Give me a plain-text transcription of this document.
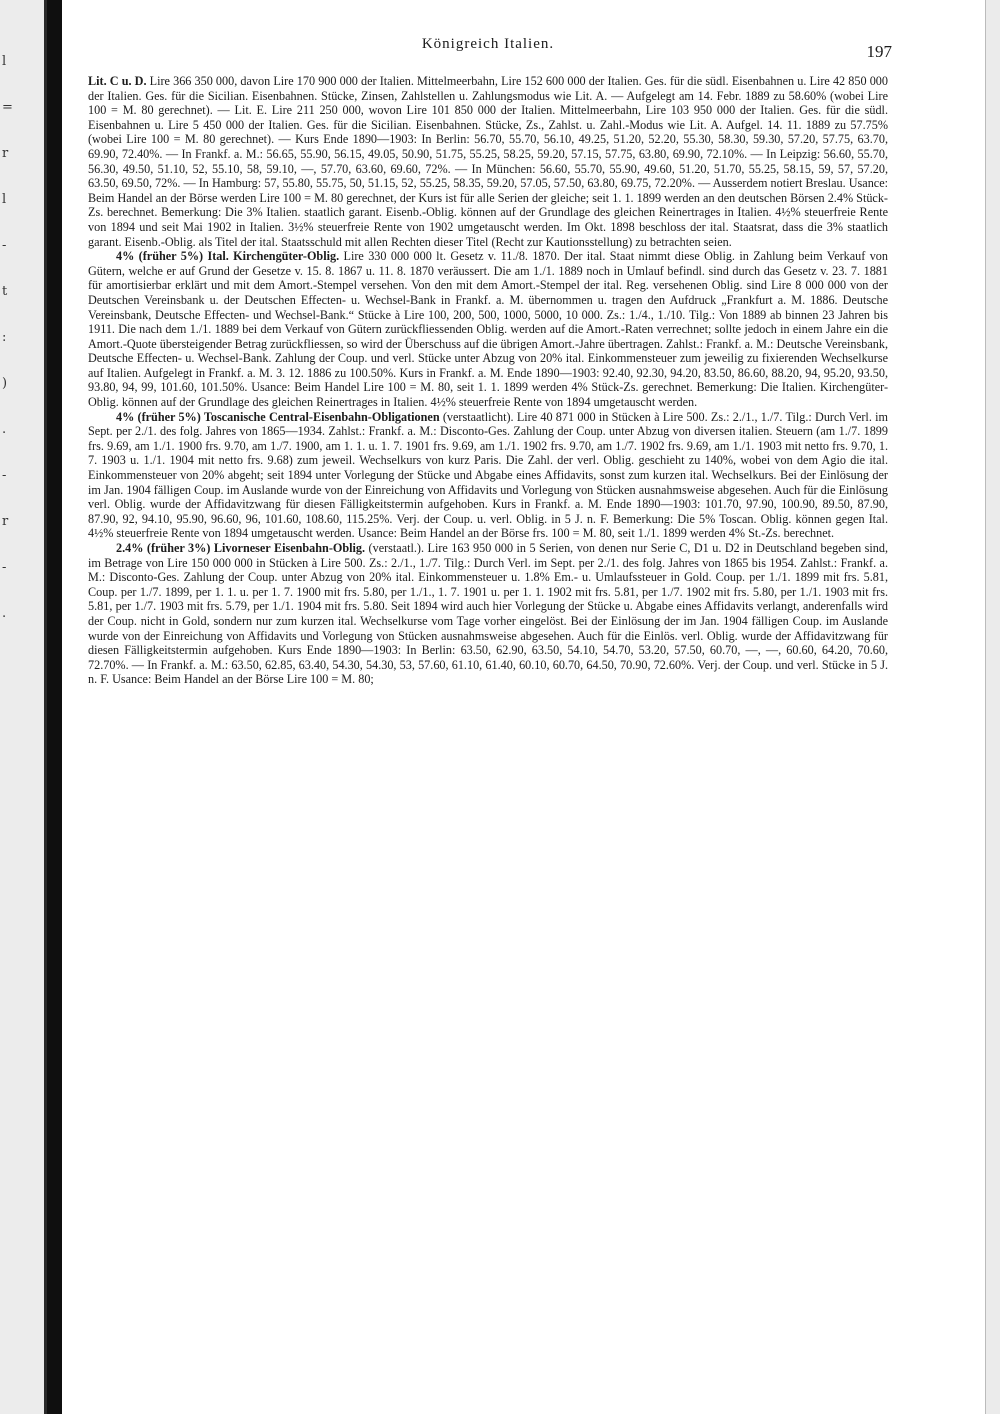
l
=
r
l
-
t
:
)
.
-
r
-
.
Königreich Italien.	197

Lit. C u. D. Lire 366 350 000, davon Lire 170 900 000 der Italien. Mittelmeerbahn, Lire 152 600 000 der Italien. Ges. für die südl. Eisenbahnen u. Lire 42 850 000 der Italien. Ges. für die Sicilian. Eisenbahnen. Stücke, Zinsen, Zahlstellen u. Zahlungsmodus wie Lit. A. — Aufgelegt am 14. Febr. 1889 zu 58.60% (wobei Lire 100 = M. 80 gerechnet). — Lit. E. Lire 211 250 000, wovon Lire 101 850 000 der Italien. Mittelmeerbahn, Lire 103 950 000 der Italien. Ges. für die südl. Eisenbahnen u. Lire 5 450 000 der Italien. Ges. für die Sicilian. Eisenbahnen. Stücke, Zs., Zahlst. u. Zahl.-Modus wie Lit. A. Aufgel. 14. 11. 1889 zu 57.75% (wobei Lire 100 = M. 80 gerechnet). — Kurs Ende 1890—1903: In Berlin: 56.70, 55.70, 56.10, 49.25, 51.20, 52.20, 55.30, 58.30, 59.30, 57.20, 57.75, 63.70, 69.90, 72.40%. — In Frankf. a. M.: 56.65, 55.90, 56.15, 49.05, 50.90, 51.75, 55.25, 58.25, 59.20, 57.15, 57.75, 63.80, 69.90, 72.10%. — In Leipzig: 56.60, 55.70, 56.30, 49.50, 51.10, 52, 55.10, 58, 59.10, —, 57.70, 63.60, 69.60, 72%. — In München: 56.60, 55.70, 55.90, 49.60, 51.20, 51.70, 55.25, 58.15, 59, 57, 57.20, 63.50, 69.50, 72%. — In Hamburg: 57, 55.80, 55.75, 50, 51.15, 52, 55.25, 58.35, 59.20, 57.05, 57.50, 63.80, 69.75, 72.20%. — Ausserdem notiert Breslau. Usance: Beim Handel an der Börse werden Lire 100 = M. 80 gerechnet, der Kurs ist für alle Serien der gleiche; seit 1. 1. 1899 werden an den deutschen Börsen 2.4% Stück-Zs. berechnet. Bemerkung: Die 3% Italien. staatlich garant. Eisenb.-Oblig. können auf der Grundlage des gleichen Reinertrages in Italien. 4½% steuerfreie Rente von 1894 und seit Mai 1902 in Italien. 3½% steuerfreie Rente von 1902 umgetauscht werden. Im Okt. 1898 beschloss der ital. Staatsrat, dass die 3% staatlich garant. Eisenb.-Oblig. als Titel der ital. Staatsschuld mit allen Rechten dieser Titel (Recht zur Kautionsstellung) zu betrachten seien.

4% (früher 5%) Ital. Kirchengüter-Oblig. Lire 330 000 000 lt. Gesetz v. 11./8. 1870. Der ital. Staat nimmt diese Oblig. in Zahlung beim Verkauf von Gütern, welche er auf Grund der Gesetze v. 15. 8. 1867 u. 11. 8. 1870 veräussert. Die am 1./1. 1889 noch in Umlauf befindl. sind durch das Gesetz v. 23. 7. 1881 für amortisierbar erklärt und mit dem Amort.-Stempel versehen. Von den mit dem Amort.-Stempel der ital. Reg. versehenen Oblig. sind Lire 8 000 000 von der Deutschen Vereinsbank u. der Deutschen Effecten- u. Wechsel-Bank in Frankf. a. M. übernommen u. tragen den Aufdruck „Frankfurt a. M. 1886. Deutsche Vereinsbank, Deutsche Effecten- und Wechsel-Bank.“ Stücke à Lire 100, 200, 500, 1000, 5000, 10 000. Zs.: 1./4., 1./10. Tilg.: Von 1889 ab binnen 23 Jahren bis 1911. Die nach dem 1./1. 1889 bei dem Verkauf von Gütern zurückfliessenden Oblig. werden auf die Amort.-Raten verrechnet; sollte jedoch in einem Jahre ein die Amort.-Quote übersteigender Betrag zurückfliessen, so wird der Überschuss auf die übrigen Amort.-Jahre übertragen. Zahlst.: Frankf. a. M.: Deutsche Vereinsbank, Deutsche Effecten- u. Wechsel-Bank. Zahlung der Coup. und verl. Stücke unter Abzug von 20% ital. Einkommensteuer zum jeweilig zu fixierenden Wechselkurse auf Italien. Aufgelegt in Frankf. a. M. 3. 12. 1886 zu 100.50%. Kurs in Frankf. a. M. Ende 1890—1903: 92.40, 92.30, 94.20, 83.50, 86.60, 88.20, 94, 95.20, 93.50, 93.80, 94, 99, 101.60, 101.50%. Usance: Beim Handel Lire 100 = M. 80, seit 1. 1. 1899 werden 4% Stück-Zs. gerechnet. Bemerkung: Die Italien. Kirchengüter-Oblig. können auf der Grundlage des gleichen Reinertrages in Italien. 4½% steuerfreie Rente von 1894 umgetauscht werden.

4% (früher 5%) Toscanische Central-Eisenbahn-Obligationen (verstaatlicht). Lire 40 871 000 in Stücken à Lire 500. Zs.: 2./1., 1./7. Tilg.: Durch Verl. im Sept. per 2./1. des folg. Jahres von 1865—1934. Zahlst.: Frankf. a. M.: Disconto-Ges. Zahlung der Coup. unter Abzug von diversen italien. Steuern (am 1./7. 1899 frs. 9.69, am 1./1. 1900 frs. 9.70, am 1./7. 1900, am 1. 1. u. 1. 7. 1901 frs. 9.69, am 1./1. 1902 frs. 9.70, am 1./7. 1902 frs. 9.69, am 1./1. 1903 mit netto frs. 9.70, 1. 7. 1903 u. 1./1. 1904 mit netto frs. 9.68) zum jeweil. Wechselkurs von kurz Paris. Die Zahl. der verl. Oblig. geschieht zu 140%, wobei von dem Agio die ital. Einkommensteuer von 20% abgeht; seit 1894 unter Vorlegung der Stücke und Abgabe eines Affidavits, sonst zum kurzen ital. Wechselkurs. Bei der Einlösung der im Jan. 1904 fälligen Coup. im Auslande wurde von der Einreichung von Affidavits und Vorlegung von Stücken ausnahmsweise abgesehen. Auch für die Einlösung verl. Oblig. wurde der Affidavitzwang für diesen Fälligkeitstermin aufgehoben. Kurs in Frankf. a. M. Ende 1890—1903: 101.70, 97.90, 100.90, 89.50, 87.90, 87.90, 92, 94.10, 95.90, 96.60, 96, 101.60, 108.60, 115.25%. Verj. der Coup. u. verl. Oblig. in 5 J. n. F. Bemerkung: Die 5% Toscan. Oblig. können gegen Ital. 4½% steuerfreie Rente von 1894 umgetauscht werden. Usance: Beim Handel an der Börse frs. 100 = M. 80, seit 1./1. 1899 werden 4% St.-Zs. berechnet.

2.4% (früher 3%) Livorneser Eisenbahn-Oblig. (verstaatl.). Lire 163 950 000 in 5 Serien, von denen nur Serie C, D1 u. D2 in Deutschland begeben sind, im Betrage von Lire 150 000 000 in Stücken à Lire 500. Zs.: 2./1., 1./7. Tilg.: Durch Verl. im Sept. per 2./1. des folg. Jahres von 1865 bis 1954. Zahlst.: Frankf. a. M.: Disconto-Ges. Zahlung der Coup. unter Abzug von 20% ital. Einkommensteuer u. 1.8% Em.- u. Umlaufssteuer in Gold. Coup. per 1./1. 1899 mit frs. 5.81, Coup. per 1./7. 1899, per 1. 1. u. per 1. 7. 1900 mit frs. 5.80, per 1./1., 1. 7. 1901 u. per 1. 1. 1902 mit frs. 5.81, per 1./7. 1902 mit frs. 5.80, per 1./1. 1903 mit frs. 5.81, per 1./7. 1903 mit frs. 5.79, per 1./1. 1904 mit frs. 5.80. Seit 1894 wird auch hier Vorlegung der Stücke u. Abgabe eines Affidavits verlangt, anderenfalls wird der Coup. nicht in Gold, sondern nur zum kurzen ital. Wechselkurse vom Tage vorher eingelöst. Bei der Einlösung der im Jan. 1904 fälligen Coup. im Auslande wurde von der Einreichung von Affidavits und Vorlegung von Stücken ausnahmsweise abgesehen. Auch für die Einlös. verl. Oblig. wurde der Affidavitzwang für diesen Fälligkeitstermin aufgehoben. Kurs Ende 1890—1903: In Berlin: 63.50, 62.90, 63.50, 54.10, 54.70, 53.20, 57.50, 60.70, —, —, 60.60, 64.20, 70.60, 72.70%. — In Frankf. a. M.: 63.50, 62.85, 63.40, 54.30, 54.30, 53, 57.60, 61.10, 61.40, 60.10, 60.70, 64.50, 70.90, 72.60%. Verj. der Coup. und verl. Stücke in 5 J. n. F. Usance: Beim Handel an der Börse Lire 100 = M. 80;
